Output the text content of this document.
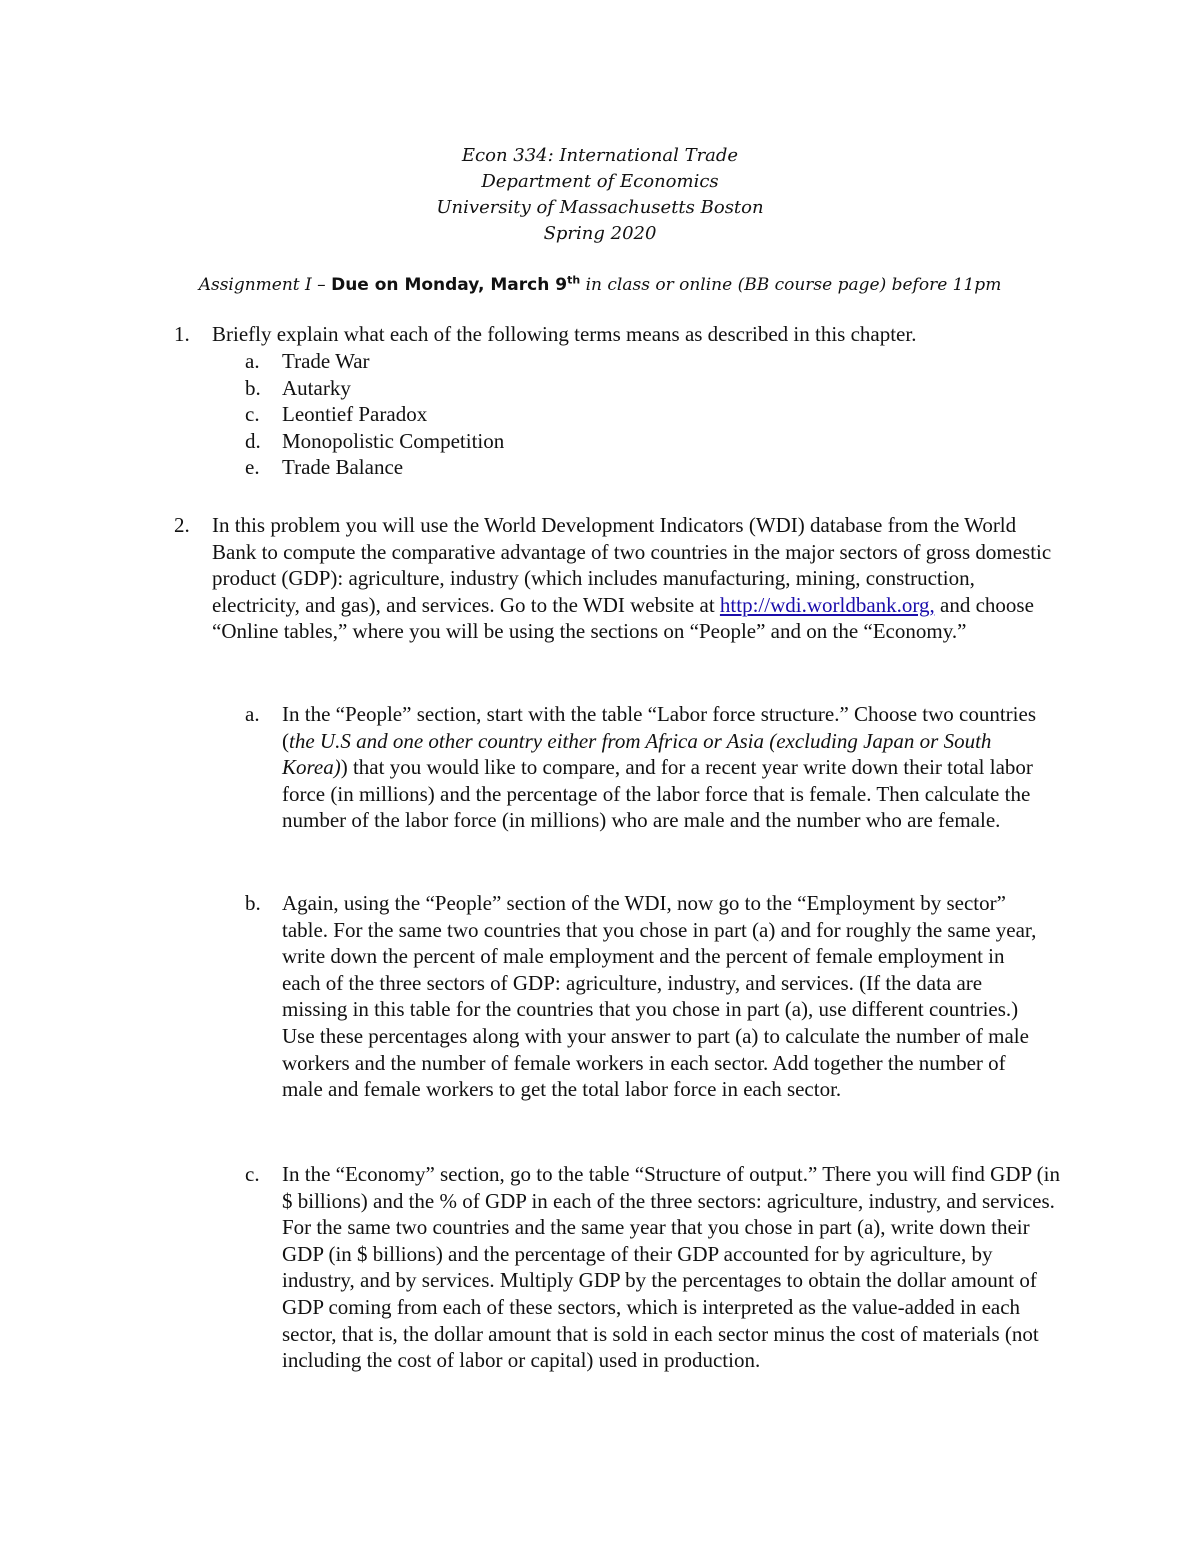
Econ 334: International Trade
Department of Economics
University of Massachusetts Boston
Spring 2020
Assignment I – Due on Monday, March 9th in class or online (BB course page) before 11pm
1.	Briefly explain what each of the following terms means as described in this chapter.
a.	Trade War
b.	Autarky
c.	Leontief Paradox
d.	Monopolistic Competition
e.	Trade Balance
2.	In this problem you will use the World Development Indicators (WDI) database from the World Bank to compute the comparative advantage of two countries in the major sectors of gross domestic product (GDP): agriculture, industry (which includes manufacturing, mining, construction, electricity, and gas), and services. Go to the WDI website at http://wdi.worldbank.org, and choose “Online tables,” where you will be using the sections on “People” and on the “Economy.”
a.	In the “People” section, start with the table “Labor force structure.” Choose two countries (the U.S and one other country either from Africa or Asia (excluding Japan or South Korea)) that you would like to compare, and for a recent year write down their total labor force (in millions) and the percentage of the labor force that is female. Then calculate the number of the labor force (in millions) who are male and the number who are female.
b.	Again, using the “People” section of the WDI, now go to the “Employment by sector” table. For the same two countries that you chose in part (a) and for roughly the same year, write down the percent of male employment and the percent of female employment in each of the three sectors of GDP: agriculture, industry, and services. (If the data are missing in this table for the countries that you chose in part (a), use different countries.) Use these percentages along with your answer to part (a) to calculate the number of male workers and the number of female workers in each sector. Add together the number of male and female workers to get the total labor force in each sector.
c.	In the “Economy” section, go to the table “Structure of output.” There you will find GDP (in $ billions) and the % of GDP in each of the three sectors: agriculture, industry, and services. For the same two countries and the same year that you chose in part (a), write down their GDP (in $ billions) and the percentage of their GDP accounted for by agriculture, by industry, and by services. Multiply GDP by the percentages to obtain the dollar amount of GDP coming from each of these sectors, which is interpreted as the value-added in each sector, that is, the dollar amount that is sold in each sector minus the cost of materials (not including the cost of labor or capital) used in production.
